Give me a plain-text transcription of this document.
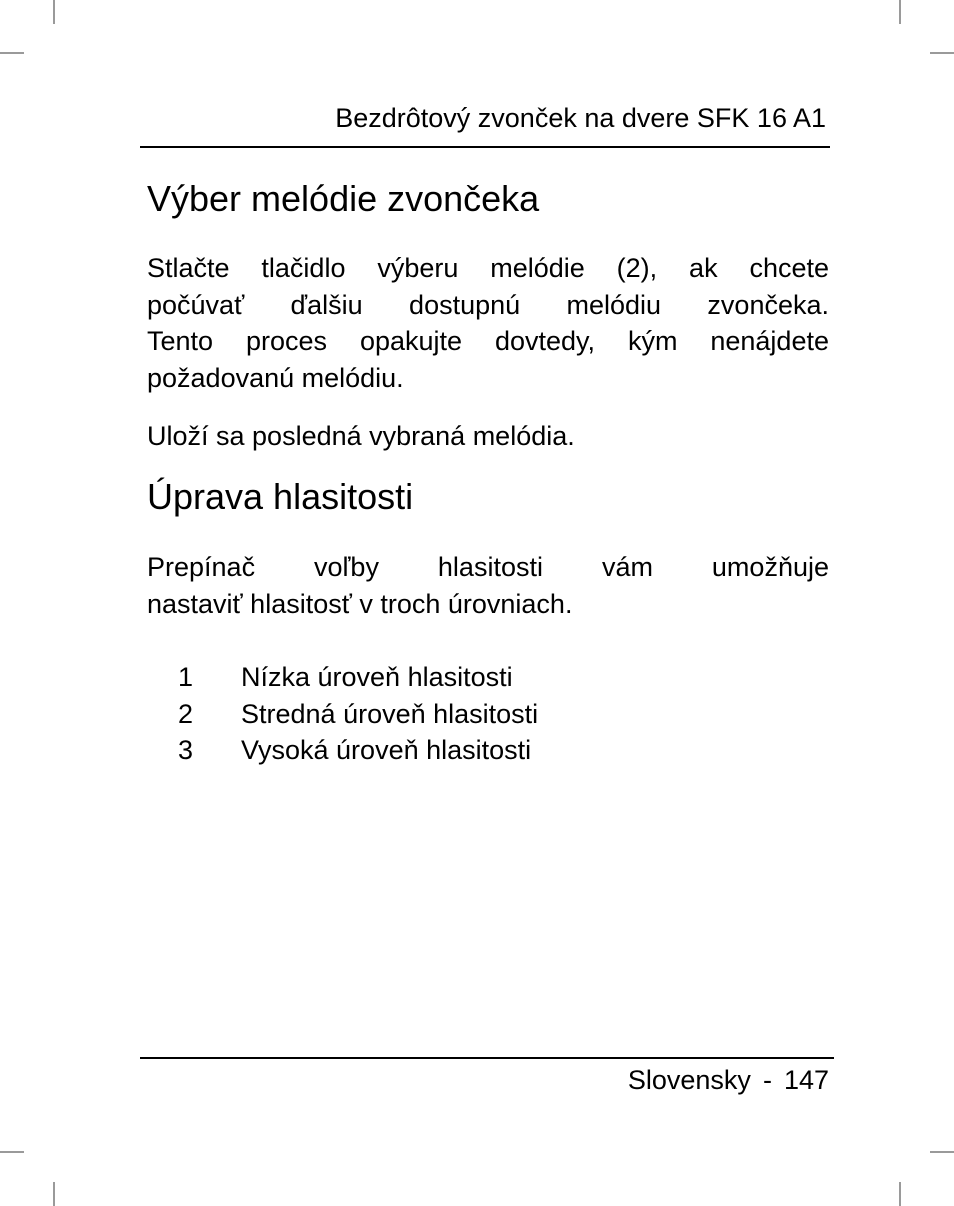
Bezdrôtový zvonček na dvere SFK 16 A1
Výber melódie zvončeka
Stlačte tlačidlo výberu melódie (2), ak chcete
počúvať ďalšiu dostupnú melódiu zvončeka.
Tento proces opakujte dovtedy, kým nenájdete
požadovanú melódiu.
Uloží sa posledná vybraná melódia.
Úprava hlasitosti
Prepínač voľby hlasitosti vám umožňuje
nastaviť hlasitosť v troch úrovniach.
1 Nízka úroveň hlasitosti
2 Stredná úroveň hlasitosti
3 Vysoká úroveň hlasitosti
Slovensky - 147
